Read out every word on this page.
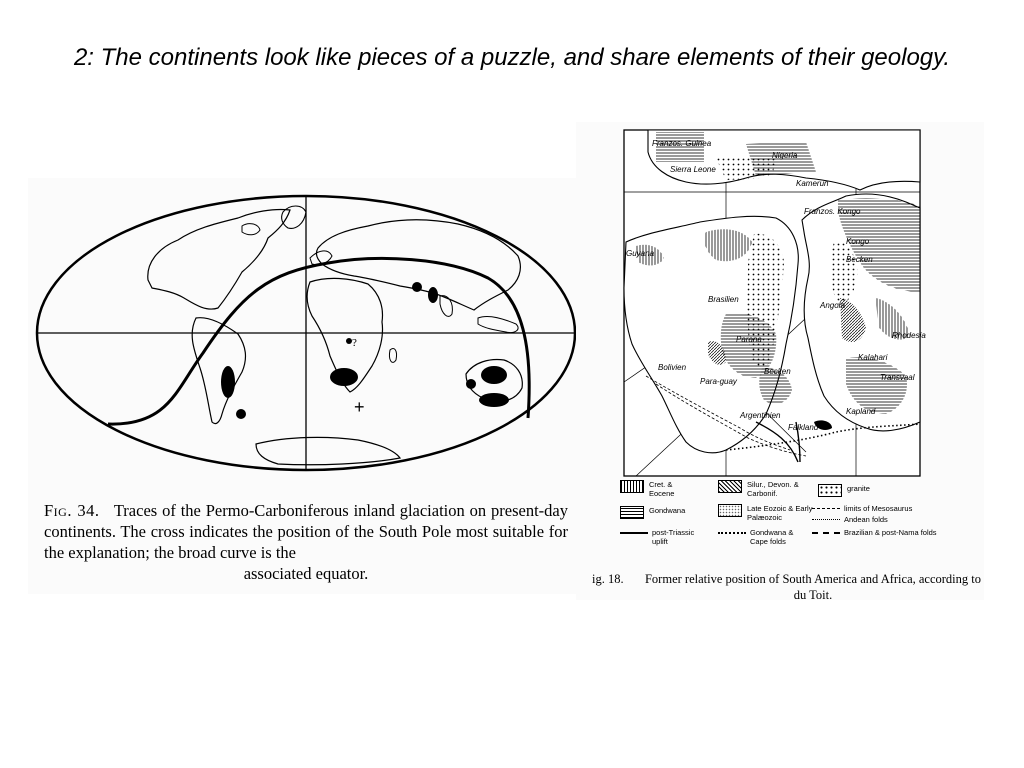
2: The continents look like pieces of a puzzle, and share elements of their geology.
+
?
Fig. 34. Traces of the Permo-Carboniferous inland glaciation on present-day continents. The cross indicates the position of the South Pole most suitable for the explanation; the broad curve is the
associated equator.
Franzos. Guinea
Nigeria
Sierra Leone
Kamerun
Franzos. Kongo
Kongo
Becken
Guyana
Brasilien
Angola
Rhodesia
Parana
Kalahari
Bolivien
Para-guay
Becken
Transvaal
Argentinien	Kapland
Falkland
Cret. & Eocene
Silur., Devon. & Carbonif.
granite
Gondwana	Late Eozoic & Early Palæozoic
limits of Mesosaurus
Andean folds
post-Triassic uplift
Gondwana & Cape folds
Brazilian & post-Nama folds
ig. 18.	Former relative position of South America and Africa, according to du Toit.
